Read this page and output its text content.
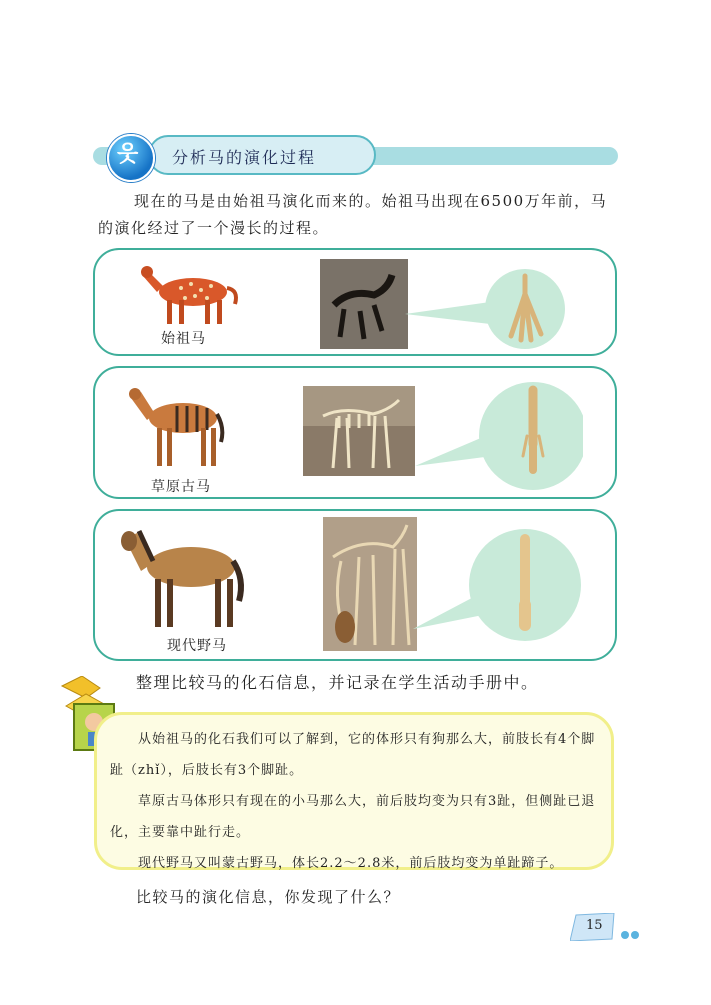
分析马的演化过程
웃
现在的马是由始祖马演化而来的。始祖马出现在6500万年前，马的演化经过了一个漫长的过程。
始祖马
草原古马
现代野马
整理比较马的化石信息，并记录在学生活动手册中。

从始祖马的化石我们可以了解到，它的体形只有狗那么大，前肢长有4个脚趾（zhǐ），后肢长有3个脚趾。

草原古马体形只有现在的小马那么大，前后肢均变为只有3趾，但侧趾已退化，主要靠中趾行走。

现代野马又叫蒙古野马，体长2.2～2.8米，前后肢均变为单趾蹄子。

比较马的演化信息，你发现了什么？
15
